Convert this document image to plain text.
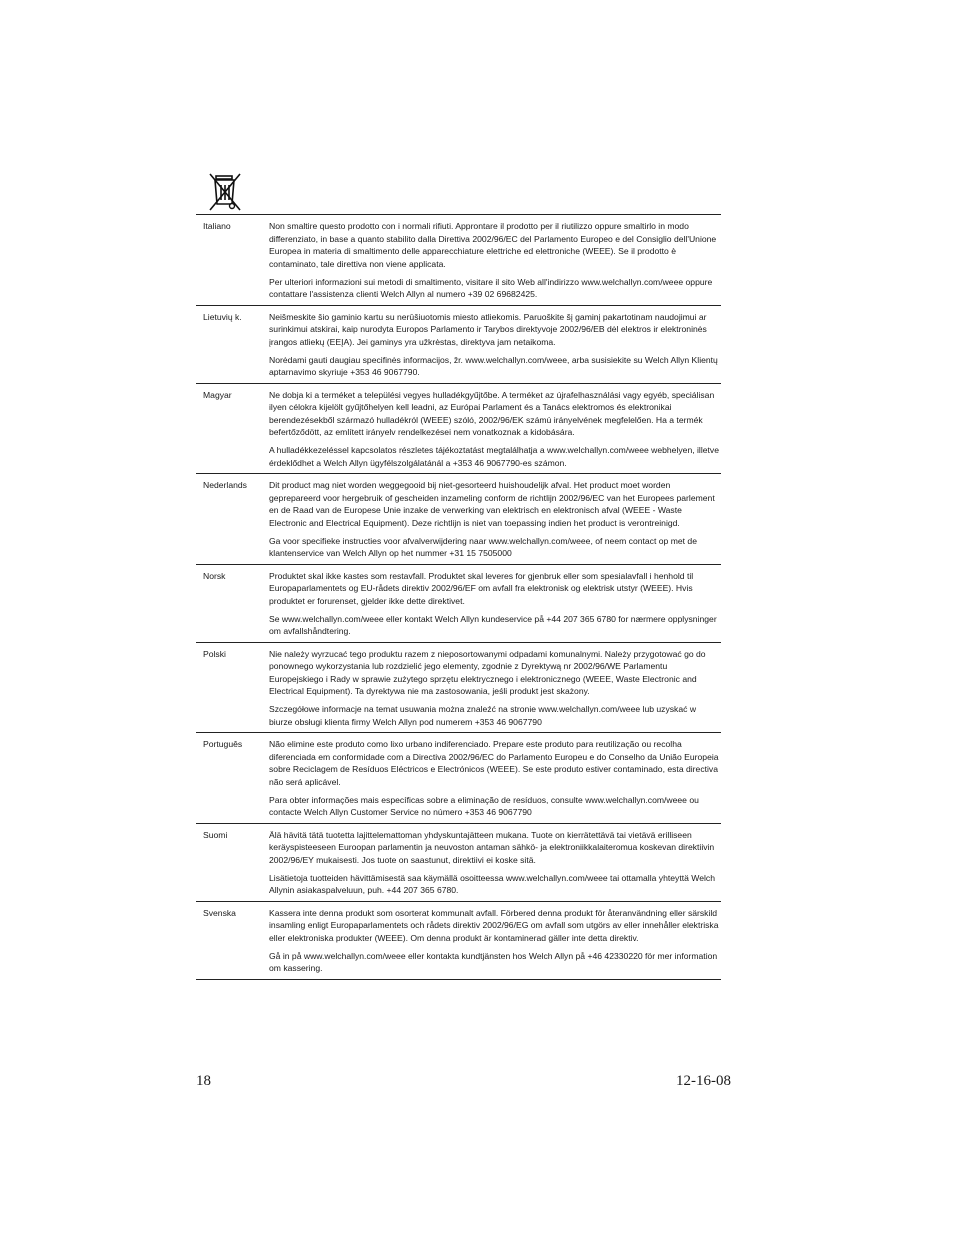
Italiano	Non smaltire questo prodotto con i normali rifiuti. Approntare il prodotto per il riutilizzo oppure smaltirlo in modo differenziato, in base a quanto stabilito dalla Direttiva 2002/96/EC del Parlamento Europeo e del Consiglio dell'Unione Europea in materia di smaltimento delle apparecchiature elettriche ed elettroniche (WEEE). Se il prodotto è contaminato, tale direttiva non viene applicata.

Per ulteriori informazioni sui metodi di smaltimento, visitare il sito Web all'indirizzo www.welchallyn.com/weee oppure contattare l'assistenza clienti Welch Allyn al numero +39 02 69682425.

Lietuvių k.	Neišmeskite šio gaminio kartu su nerūšiuotomis miesto atliekomis. Paruoškite šį gaminį pakartotinam naudojimui ar surinkimui atskirai, kaip nurodyta Europos Parlamento ir Tarybos direktyvoje 2002/96/EB dėl elektros ir elektroninės įrangos atliekų (EEĮA). Jei gaminys yra užkrėstas, direktyva jam netaikoma.

Norėdami gauti daugiau specifinės informacijos, žr. www.welchallyn.com/weee, arba susisiekite su Welch Allyn Klientų aptarnavimo skyriuje +353 46 9067790.

Magyar	Ne dobja ki a terméket a települési vegyes hulladékgyűjtőbe. A terméket az újrafelhasználási vagy egyéb, speciálisan ilyen célokra kijelölt gyűjtőhelyen kell leadni, az Európai Parlament és a Tanács elektromos és elektronikai berendezésekből származó hulladékról (WEEE) szóló, 2002/96/EK számú irányelvének megfelelően. Ha a termék befertőződött, az említett irányelv rendelkezései nem vonatkoznak a kidobására.

A hulladékkezeléssel kapcsolatos részletes tájékoztatást megtalálhatja a www.welchallyn.com/weee webhelyen, illetve érdeklődhet a Welch Allyn ügyfélszolgálatánál a +353 46 9067790-es számon.

Nederlands	Dit product mag niet worden weggegooid bij niet-gesorteerd huishoudelijk afval. Het product moet worden geprepareerd voor hergebruik of gescheiden inzameling conform de richtlijn 2002/96/EC van het Europees parlement en de Raad van de Europese Unie inzake de verwerking van elektrisch en elektronisch afval (WEEE - Waste Electronic and Electrical Equipment). Deze richtlijn is niet van toepassing indien het product is verontreinigd.

Ga voor specifieke instructies voor afvalverwijdering naar www.welchallyn.com/weee, of neem contact op met de klantenservice van Welch Allyn op het nummer +31 15 7505000

Norsk	Produktet skal ikke kastes som restavfall. Produktet skal leveres for gjenbruk eller som spesialavfall i henhold til Europaparlamentets og EU-rådets direktiv 2002/96/EF om avfall fra elektronisk og elektrisk utstyr (WEEE). Hvis produktet er forurenset, gjelder ikke dette direktivet.

Se www.welchallyn.com/weee eller kontakt Welch Allyn kundeservice på +44 207 365 6780 for nærmere opplysninger om avfallshåndtering.

Polski	Nie należy wyrzucać tego produktu razem z nieposortowanymi odpadami komunalnymi. Należy przygotować go do ponownego wykorzystania lub rozdzielić jego elementy, zgodnie z Dyrektywą nr 2002/96/WE Parlamentu Europejskiego i Rady w sprawie zużytego sprzętu elektrycznego i elektronicznego (WEEE, Waste Electronic and Electrical Equipment). Ta dyrektywa nie ma zastosowania, jeśli produkt jest skażony.

Szczegółowe informacje na temat usuwania można znaleźć na stronie www.welchallyn.com/weee lub uzyskać w biurze obsługi klienta firmy Welch Allyn pod numerem +353 46 9067790

Português	Não elimine este produto como lixo urbano indiferenciado. Prepare este produto para reutilização ou recolha diferenciada em conformidade com a Directiva 2002/96/EC do Parlamento Europeu e do Conselho da União Europeia sobre Reciclagem de Resíduos Eléctricos e Electrónicos (WEEE). Se este produto estiver contaminado, esta directiva não será aplicável.

Para obter informações mais específicas sobre a eliminação de resíduos, consulte www.welchallyn.com/weee ou contacte Welch Allyn Customer Service no número +353 46 9067790

Suomi	Älä hävitä tätä tuotetta lajittelemattoman yhdyskuntajätteen mukana. Tuote on kierrätettävä tai vietävä erilliseen keräyspisteeseen Euroopan parlamentin ja neuvoston antaman sähkö- ja elektroniikkalaiteromua koskevan direktiivin 2002/96/EY mukaisesti. Jos tuote on saastunut, direktiivi ei koske sitä.

Lisätietoja tuotteiden hävittämisestä saa käymällä osoitteessa www.welchallyn.com/weee tai ottamalla yhteyttä Welch Allynin asiakaspalveluun, puh. +44 207 365 6780.

Svenska	Kassera inte denna produkt som osorterat kommunalt avfall. Förbered denna produkt för återanvändning eller särskild insamling enligt Europaparlamentets och rådets direktiv 2002/96/EG om avfall som utgörs av eller innehåller elektriska eller elektroniska produkter (WEEE). Om denna produkt är kontaminerad gäller inte detta direktiv.

Gå in på www.welchallyn.com/weee eller kontakta kundtjänsten hos Welch Allyn på +46 42330220 för mer information om kassering.

18	12-16-08
